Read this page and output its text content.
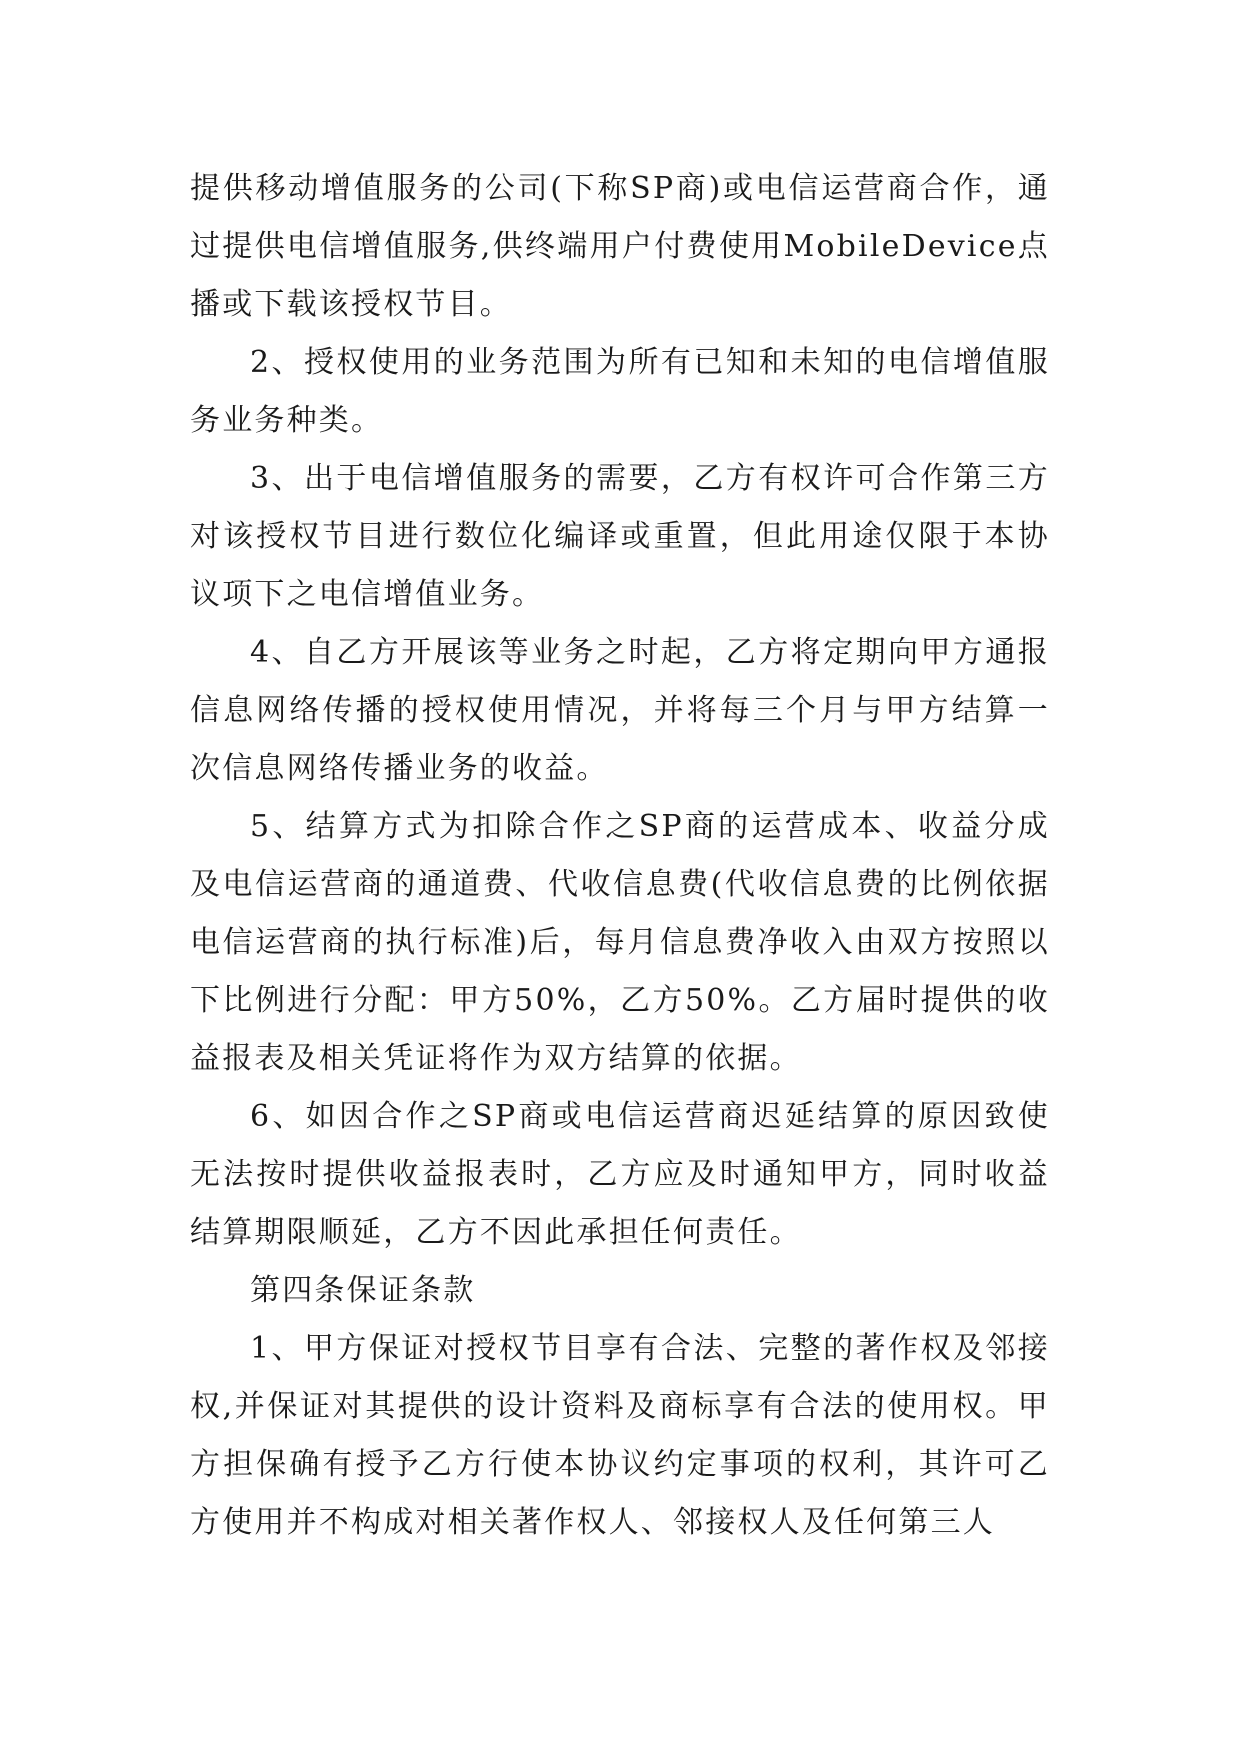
提供移动增值服务的公司(下称SP商)或电信运营商合作，通过提供电信增值服务,供终端用户付费使用MobileDevice点播或下载该授权节目。

2、授权使用的业务范围为所有已知和未知的电信增值服务业务种类。

3、出于电信增值服务的需要，乙方有权许可合作第三方对该授权节目进行数位化编译或重置，但此用途仅限于本协议项下之电信增值业务。

4、自乙方开展该等业务之时起，乙方将定期向甲方通报信息网络传播的授权使用情况，并将每三个月与甲方结算一次信息网络传播业务的收益。

5、结算方式为扣除合作之SP商的运营成本、收益分成及电信运营商的通道费、代收信息费(代收信息费的比例依据电信运营商的执行标准)后，每月信息费净收入由双方按照以下比例进行分配：甲方50%，乙方50%。乙方届时提供的收益报表及相关凭证将作为双方结算的依据。

6、如因合作之SP商或电信运营商迟延结算的原因致使无法按时提供收益报表时，乙方应及时通知甲方，同时收益结算期限顺延，乙方不因此承担任何责任。

第四条保证条款

1、甲方保证对授权节目享有合法、完整的著作权及邻接权,并保证对其提供的设计资料及商标享有合法的使用权。甲方担保确有授予乙方行使本协议约定事项的权利，其许可乙方使用并不构成对相关著作权人、邻接权人及任何第三人
